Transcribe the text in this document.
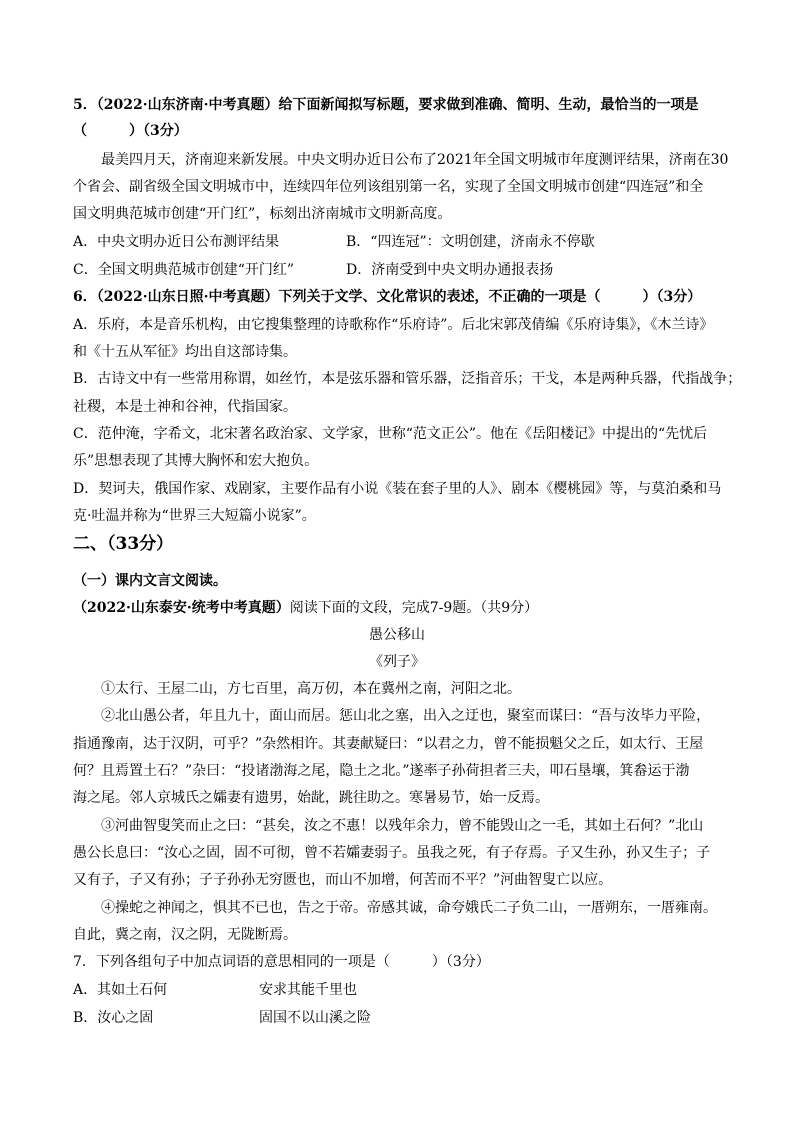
5．（2022·山东济南·中考真题）给下面新闻拟写标题，要求做到准确、简明、生动，最恰当的一项是
（　　　）（3分）
最美四月天，济南迎来新发展。中央文明办近日公布了2021年全国文明城市年度测评结果，济南在30
个省会、副省级全国文明城市中，连续四年位列该组别第一名，实现了全国文明城市创建“四连冠”和全
国文明典范城市创建“开门红”，标刻出济南城市文明新高度。
A．中央文明办近日公布测评结果	B．“四连冠”：文明创建，济南永不停歇
C．全国文明典范城市创建“开门红”	D．济南受到中央文明办通报表扬
6．（2022·山东日照·中考真题）下列关于文学、文化常识的表述，不正确的一项是（　　　）（3分）
A．乐府，本是音乐机构，由它搜集整理的诗歌称作“乐府诗”。后北宋郭茂倩编《乐府诗集》，《木兰诗》
和《十五从军征》均出自这部诗集。
B．古诗文中有一些常用称谓，如丝竹，本是弦乐器和管乐器，泛指音乐；干戈，本是两种兵器，代指战争；
社稷，本是土神和谷神，代指国家。
C．范仲淹，字希文，北宋著名政治家、文学家，世称“范文正公”。他在《岳阳楼记》中提出的“先忧后
乐”思想表现了其博大胸怀和宏大抱负。
D．契诃夫，俄国作家、戏剧家，主要作品有小说《装在套子里的人》、剧本《樱桃园》等，与莫泊桑和马
克·吐温并称为“世界三大短篇小说家”。
二、（33分）
（一）课内文言文阅读。
（2022·山东泰安·统考中考真题）阅读下面的文段，完成7-9题。（共9分）
愚公移山
《列子》
①太行、王屋二山，方七百里，高万仞，本在冀州之南，河阳之北。
②北山愚公者，年且九十，面山而居。惩山北之塞，出入之迂也，聚室而谋曰：“吾与汝毕力平险，
指通豫南，达于汉阴，可乎？”杂然相许。其妻献疑曰：“以君之力，曾不能损魁父之丘，如太行、王屋
何？且焉置土石？”杂曰：“投诸渤海之尾，隐土之北。”遂率子孙荷担者三夫，叩石垦壤，箕畚运于渤
海之尾。邻人京城氏之孀妻有遗男，始龀，跳往助之。寒暑易节，始一反焉。
③河曲智叟笑而止之曰：“甚矣，汝之不惠！以残年余力，曾不能毁山之一毛，其如土石何？”北山
愚公长息曰：“汝心之固，固不可彻，曾不若孀妻弱子。虽我之死，有子存焉。子又生孙，孙又生子；子
又有子，子又有孙；子子孙孙无穷匮也，而山不加增，何苦而不平？”河曲智叟亡以应。
④操蛇之神闻之，惧其不已也，告之于帝。帝感其诚，命夸娥氏二子负二山，一厝朔东，一厝雍南。
自此，冀之南，汉之阴，无陇断焉。
7．下列各组句子中加点词语的意思相同的一项是（　　　）（3分）
A．其如土石何	安求其能千里也
B．汝心之固	固国不以山溪之险
